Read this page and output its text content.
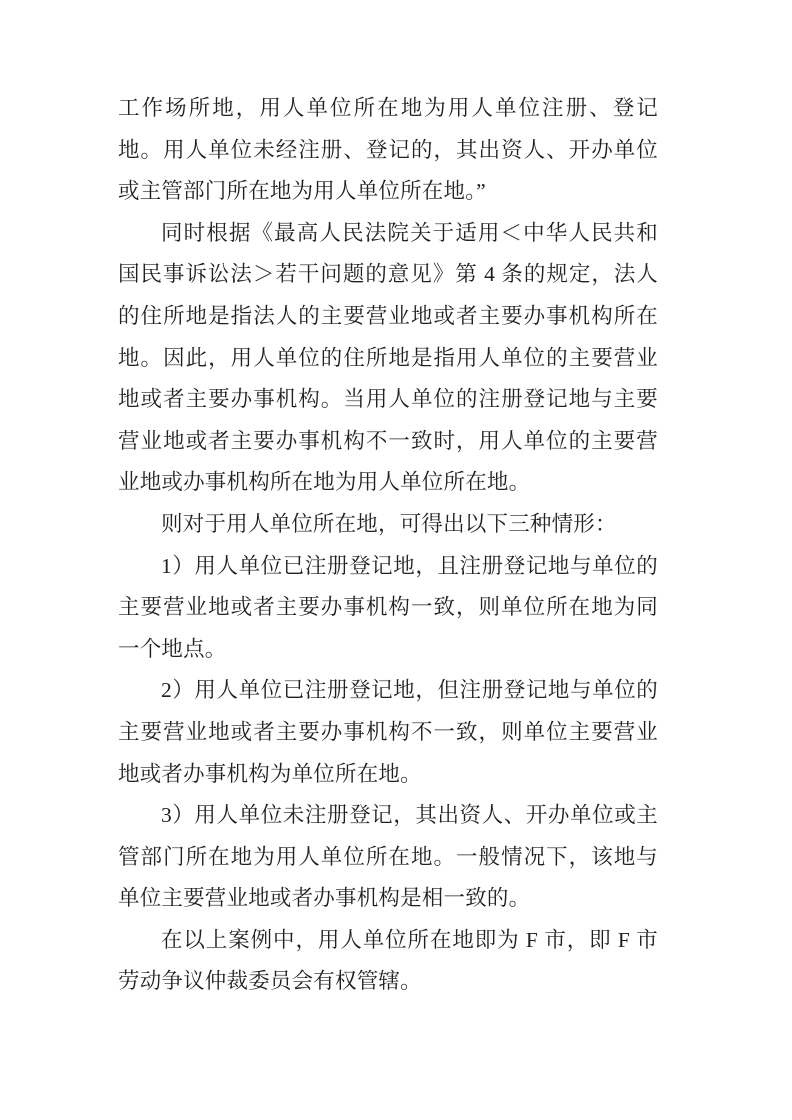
工作场所地，用人单位所在地为用人单位注册、登记地。用人单位未经注册、登记的，其出资人、开办单位或主管部门所在地为用人单位所在地。”

同时根据《最高人民法院关于适用＜中华人民共和国民事诉讼法＞若干问题的意见》第 4 条的规定，法人的住所地是指法人的主要营业地或者主要办事机构所在地。因此，用人单位的住所地是指用人单位的主要营业地或者主要办事机构。当用人单位的注册登记地与主要营业地或者主要办事机构不一致时，用人单位的主要营业地或办事机构所在地为用人单位所在地。

则对于用人单位所在地，可得出以下三种情形：

1）用人单位已注册登记地，且注册登记地与单位的主要营业地或者主要办事机构一致，则单位所在地为同一个地点。

2）用人单位已注册登记地，但注册登记地与单位的主要营业地或者主要办事机构不一致，则单位主要营业地或者办事机构为单位所在地。

3）用人单位未注册登记，其出资人、开办单位或主管部门所在地为用人单位所在地。一般情况下，该地与单位主要营业地或者办事机构是相一致的。

在以上案例中，用人单位所在地即为 F 市，即 F 市劳动争议仲裁委员会有权管辖。
